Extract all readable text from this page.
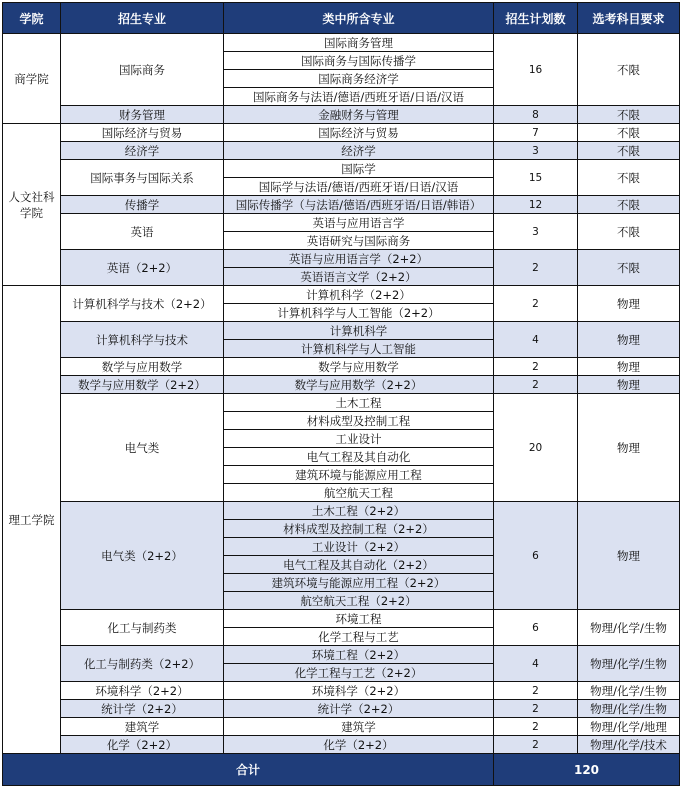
学院	招生专业	类中所含专业	招生计划数	选考科目要求
商学院	国际商务	国际商务管理	16	不限
		国际商务与国际传播学		
		国际商务经济学		
		国际商务与法语/德语/西班牙语/日语/汉语		
	财务管理	金融财务与管理	8	不限
人文社科学院	国际经济与贸易	国际经济与贸易	7	不限
	经济学	经济学	3	不限
	国际事务与国际关系	国际学	15	不限
		国际学与法语/德语/西班牙语/日语/汉语		
	传播学	国际传播学（与法语/德语/西班牙语/日语/韩语）	12	不限
	英语	英语与应用语言学	3	不限
		英语研究与国际商务		
	英语（2+2）	英语与应用语言学（2+2）	2	不限
		英语语言文学（2+2）		
理工学院	计算机科学与技术（2+2）	计算机科学（2+2）	2	物理
		计算机科学与人工智能（2+2）		
	计算机科学与技术	计算机科学	4	物理
		计算机科学与人工智能		
	数学与应用数学	数学与应用数学	2	物理
	数学与应用数学（2+2）	数学与应用数学（2+2）	2	物理
	电气类	土木工程	20	物理
		材料成型及控制工程		
		工业设计		
		电气工程及其自动化		
		建筑环境与能源应用工程		
		航空航天工程		
	电气类（2+2）	土木工程（2+2）	6	物理
		材料成型及控制工程（2+2）		
		工业设计（2+2）		
		电气工程及其自动化（2+2）		
		建筑环境与能源应用工程（2+2）		
		航空航天工程（2+2）		
	化工与制药类	环境工程	6	物理/化学/生物
		化学工程与工艺		
	化工与制药类（2+2）	环境工程（2+2）	4	物理/化学/生物
		化学工程与工艺（2+2）		
	环境科学（2+2）	环境科学（2+2）	2	物理/化学/生物
	统计学（2+2）	统计学（2+2）	2	物理/化学/生物
	建筑学	建筑学	2	物理/化学/地理
	化学（2+2）	化学（2+2）	2	物理/化学/技术
合计			120	
